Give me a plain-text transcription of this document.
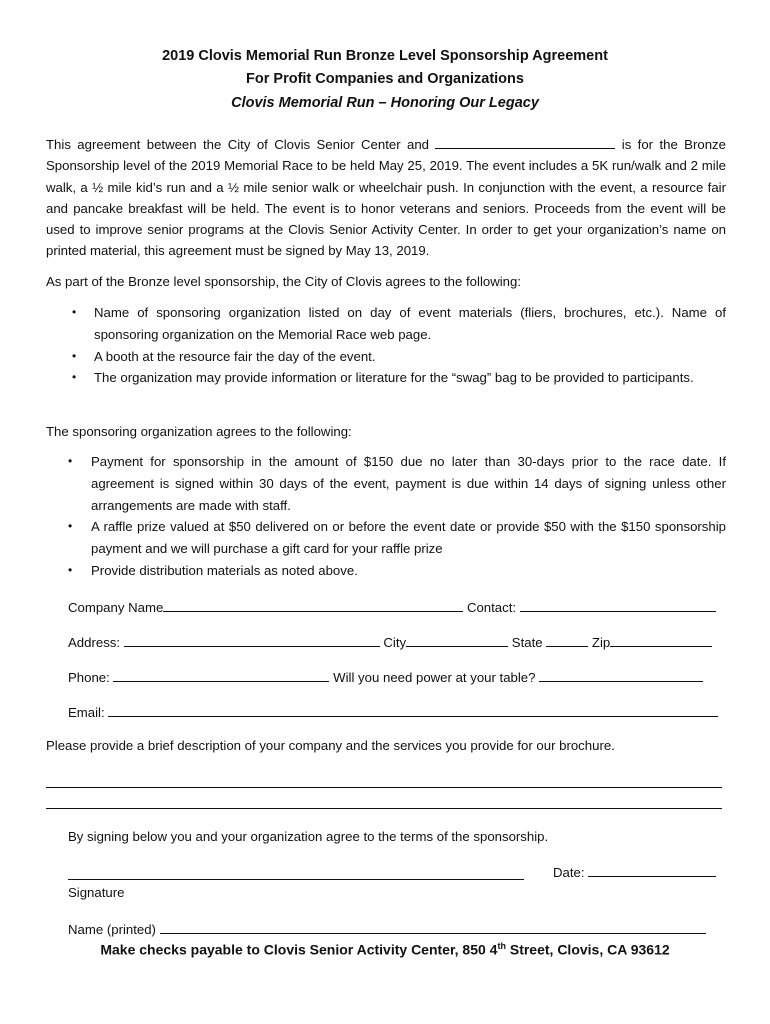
2019 Clovis Memorial Run Bronze Level Sponsorship Agreement
For Profit Companies and Organizations
Clovis Memorial Run – Honoring Our Legacy
This agreement between the City of Clovis Senior Center and	is for the Bronze Sponsorship level of the 2019 Memorial Race to be held May 25, 2019. The event includes a 5K run/walk and 2 mile walk, a ½ mile kid’s run and a ½ mile senior walk or wheelchair push. In conjunction with the event, a resource fair and pancake breakfast will be held. The event is to honor veterans and seniors. Proceeds from the event will be used to improve senior programs at the Clovis Senior Activity Center. In order to get your organization’s name on printed material, this agreement must be signed by May 13, 2019.
As part of the Bronze level sponsorship, the City of Clovis agrees to the following:
• Name of sponsoring organization listed on day of event materials (fliers, brochures, etc.). Name of sponsoring organization on the Memorial Race web page.
• A booth at the resource fair the day of the event.
• The organization may provide information or literature for the “swag” bag to be provided to participants.
The sponsoring organization agrees to the following:
• Payment for sponsorship in the amount of $150 due no later than 30-days prior to the race date. If agreement is signed within 30 days of the event, payment is due within 14 days of signing unless other arrangements are made with staff.
• A raffle prize valued at $50 delivered on or before the event date or provide $50 with the $150 sponsorship payment and we will purchase a gift card for your raffle prize
• Provide distribution materials as noted above.
Company Name	Contact:
Address:	City	State	Zip
Phone:	Will you need power at your table?
Email:
Please provide a brief description of your company and the services you provide for our brochure.
By signing below you and your organization agree to the terms of the sponsorship.
Date:
Signature
Name (printed)
Make checks payable to Clovis Senior Activity Center, 850 4th Street, Clovis, CA 93612
